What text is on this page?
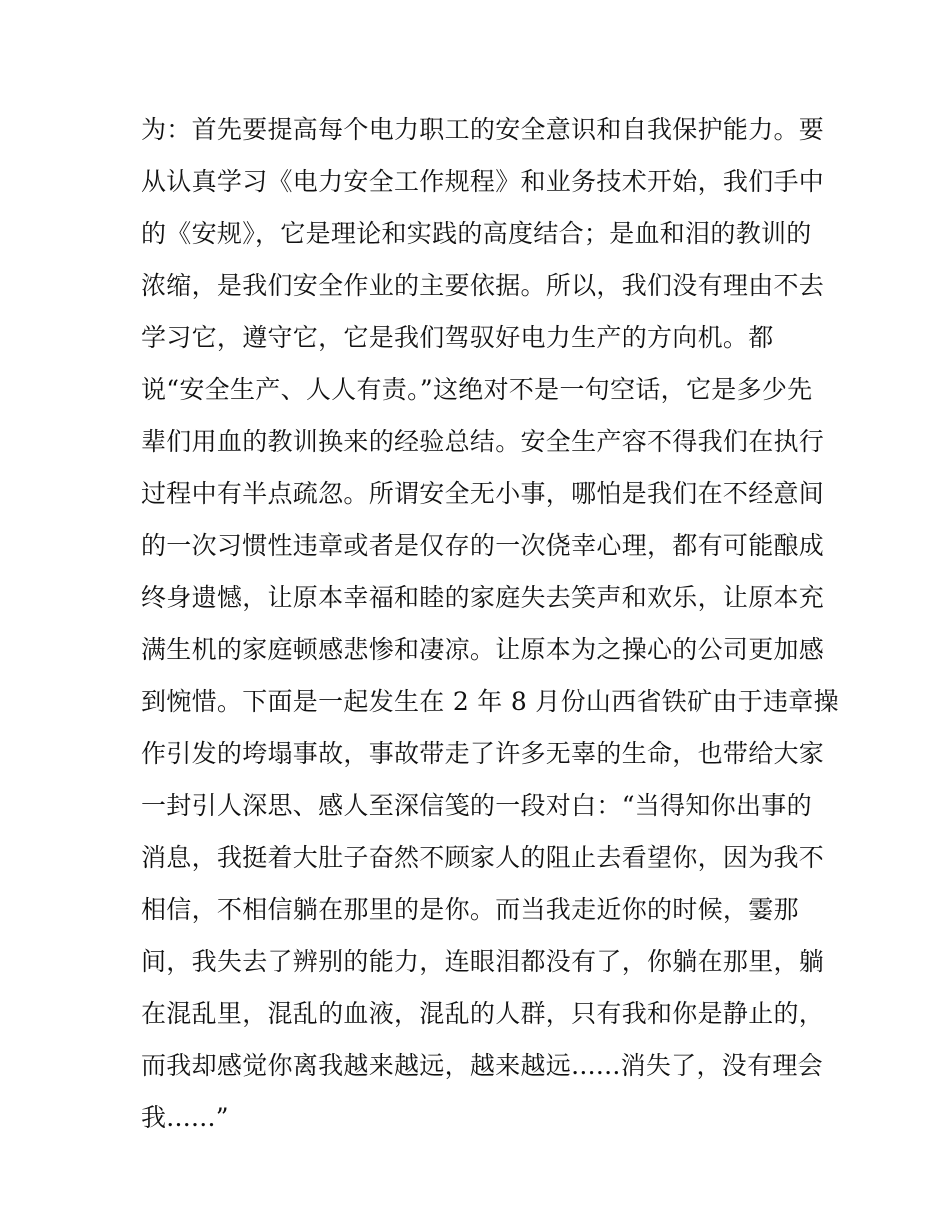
为：首先要提高每个电力职工的安全意识和自我保护能力。要
从认真学习《电力安全工作规程》和业务技术开始，我们手中
的《安规》，它是理论和实践的高度结合；是血和泪的教训的
浓缩，是我们安全作业的主要依据。所以，我们没有理由不去
学习它，遵守它，它是我们驾驭好电力生产的方向机。都
说“安全生产、人人有责。”这绝对不是一句空话，它是多少先
辈们用血的教训换来的经验总结。安全生产容不得我们在执行
过程中有半点疏忽。所谓安全无小事，哪怕是我们在不经意间
的一次习惯性违章或者是仅存的一次侥幸心理，都有可能酿成
终身遗憾，让原本幸福和睦的家庭失去笑声和欢乐，让原本充
满生机的家庭顿感悲惨和凄凉。让原本为之操心的公司更加感
到惋惜。下面是一起发生在 2 年 8 月份山西省铁矿由于违章操
作引发的垮塌事故，事故带走了许多无辜的生命，也带给大家
一封引人深思、感人至深信笺的一段对白：“当得知你出事的
消息，我挺着大肚子奋然不顾家人的阻止去看望你，因为我不
相信，不相信躺在那里的是你。而当我走近你的时候，霎那
间，我失去了辨别的能力，连眼泪都没有了，你躺在那里，躺
在混乱里，混乱的血液，混乱的人群，只有我和你是静止的，
而我却感觉你离我越来越远，越来越远......消失了，没有理会
我......”
